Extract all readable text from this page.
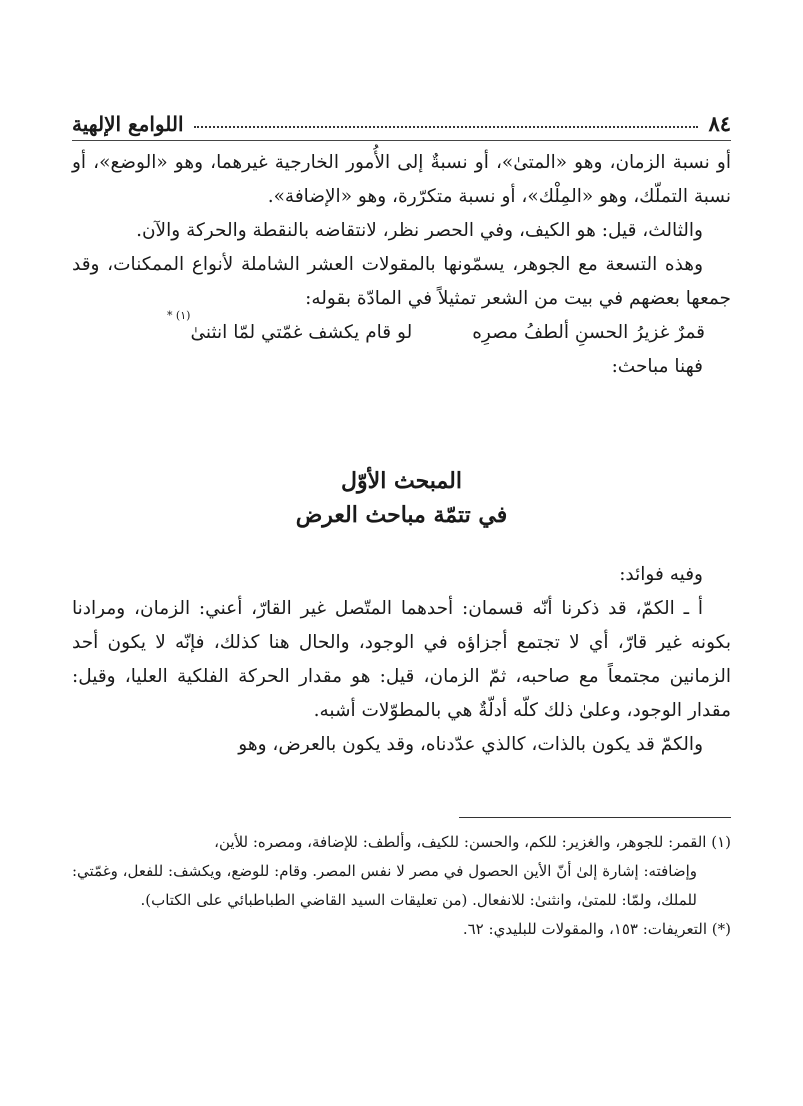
٨٤
اللوامع الإلهية

أو نسبة الزمان، وهو «المتىٰ»، أو نسبةٌ إلى الأُمور الخارجية غيرهما، وهو «الوضع»، أو نسبة التملّك، وهو «المِلْك»، أو نسبة متكرّرة، وهو «الإضافة».

والثالث، قيل: هو الكيف، وفي الحصر نظر، لانتقاضه بالنقطة والحركة والآن.

وهذه التسعة مع الجوهر، يسمّونها بالمقولات العشر الشاملة لأنواع الممكنات، وقد جمعها بعضهم في بيت من الشعر تمثيلاً في المادّة بقوله:

قمرٌ غزيرُ الحسنِ ألطفُ مصرِه
لو قام يكشف غمّتي لمّا انثنىٰ
(١) *

فهنا مباحث:

المبحث الأوّل
في تتمّة مباحث العرض

وفيه فوائد:

أ ـ الكمّ، قد ذكرنا أنّه قسمان: أحدهما المتّصل غير القارّ، أعني: الزمان، ومرادنا بكونه غير قارّ، أي لا تجتمع أجزاؤه في الوجود، والحال هنا كذلك، فإنّه لا يكون أحد الزمانين مجتمعاً مع صاحبه، ثمّ الزمان، قيل: هو مقدار الحركة الفلكية العليا، وقيل: مقدار الوجود، وعلىٰ ذلك كلّه أدلّةٌ هي بالمطوّلات أشبه.

والكمّ قد يكون بالذات، كالذي عدّدناه، وقد يكون بالعرض، وهو

(١) القمر: للجوهر، والغزير: للكم، والحسن: للكيف، وألطف: للإضافة، ومصره: للأين،

وإضافته: إشارة إلىٰ أنّ الأين الحصول في مصر لا نفس المصر. وقام: للوضع، ويكشف: للفعل، وغمّتي: للملك، ولمّا: للمتىٰ، وانثنىٰ: للانفعال. (من تعليقات السيد القاضي الطباطبائي على الكتاب).

(*) التعريفات: ١٥٣، والمقولات للبليدي: ٦٢.
